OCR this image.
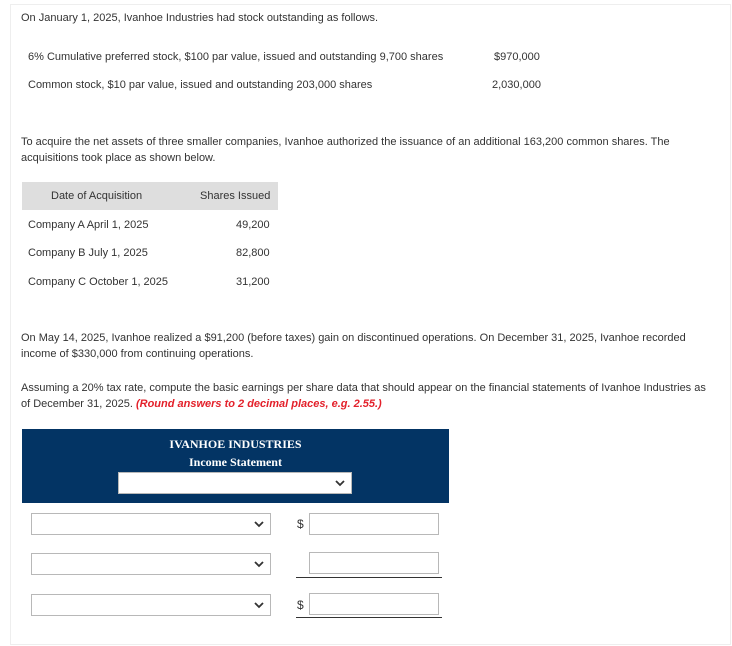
On January 1, 2025, Ivanhoe Industries had stock outstanding as follows.
6% Cumulative preferred stock, $100 par value, issued and outstanding 9,700 shares	$970,000
Common stock, $10 par value, issued and outstanding 203,000 shares	2,030,000
To acquire the net assets of three smaller companies, Ivanhoe authorized the issuance of an additional 163,200 common shares. The acquisitions took place as shown below.
Date of Acquisition	Shares Issued
Company A April 1, 2025	49,200
Company B July 1, 2025	82,800
Company C October 1, 2025	31,200
On May 14, 2025, Ivanhoe realized a $91,200 (before taxes) gain on discontinued operations. On December 31, 2025, Ivanhoe recorded income of $330,000 from continuing operations.
Assuming a 20% tax rate, compute the basic earnings per share data that should appear on the financial statements of Ivanhoe Industries as of December 31, 2025. (Round answers to 2 decimal places, e.g. 2.55.)
IVANHOE INDUSTRIES
Income Statement
$
$
